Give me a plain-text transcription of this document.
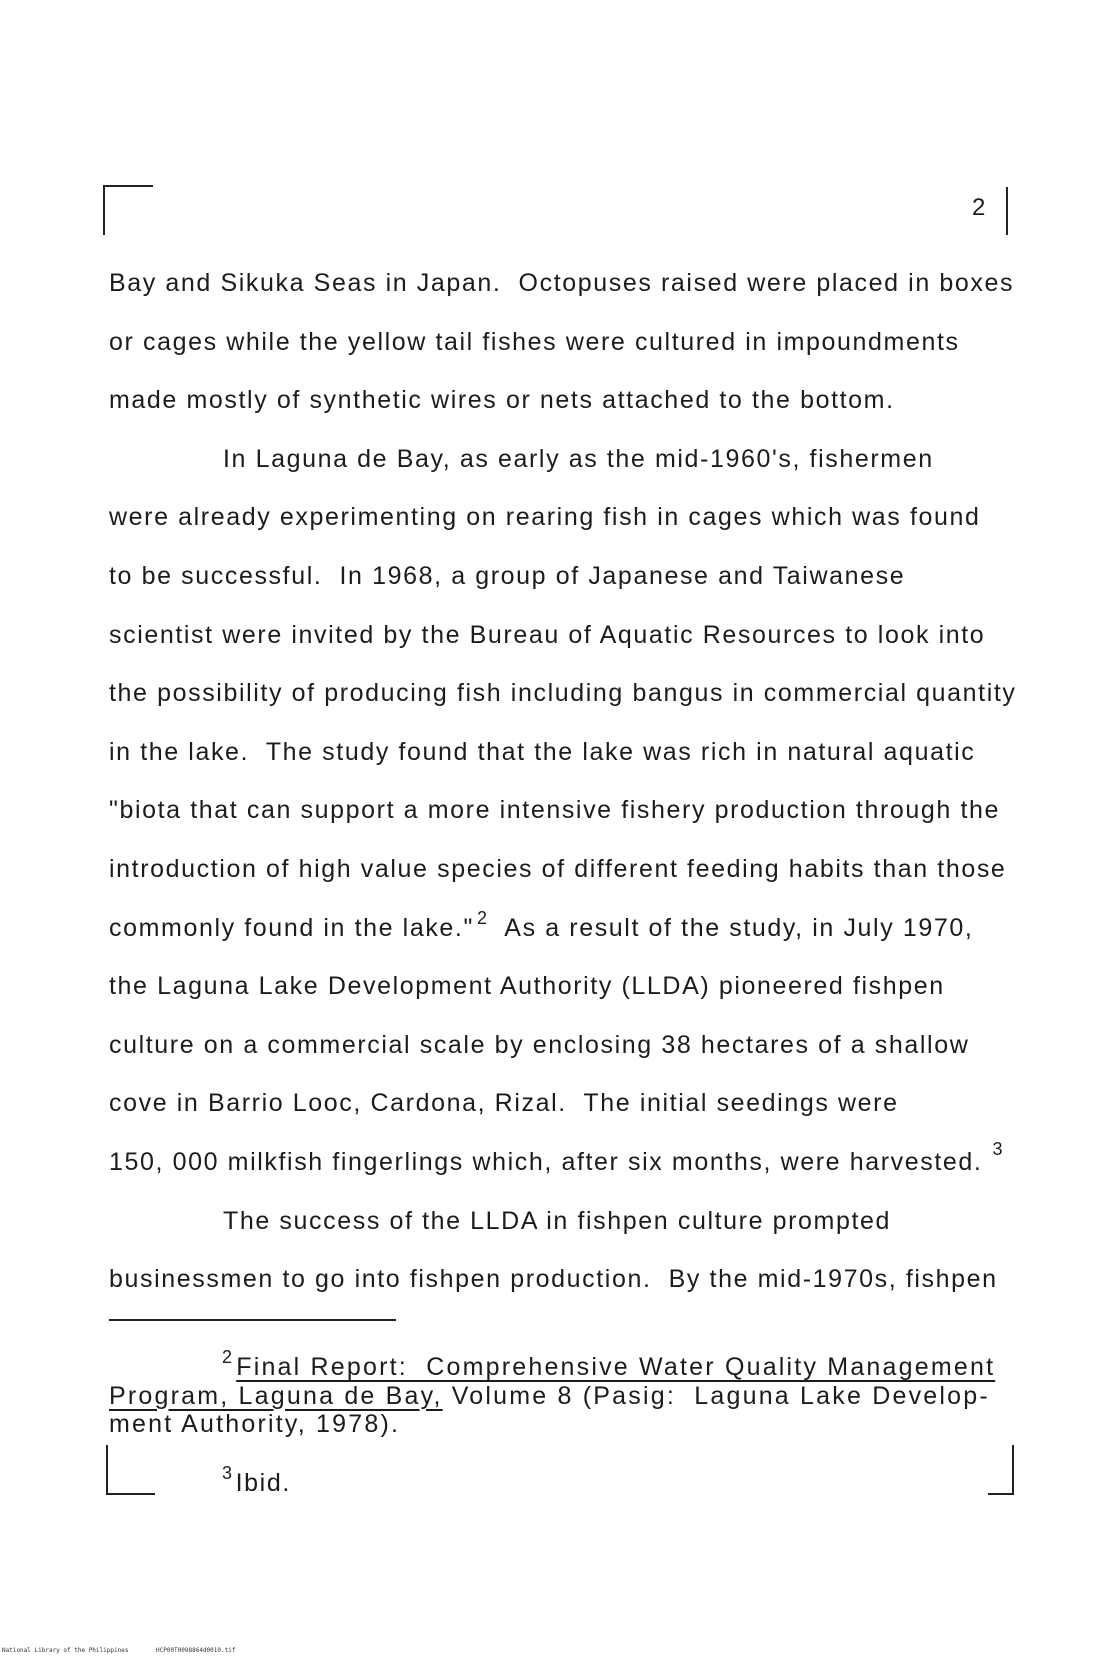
2
Bay and Sikuka Seas in Japan.  Octopuses raised were placed in boxes
or cages while the yellow tail fishes were cultured in impoundments
made mostly of synthetic wires or nets attached to the bottom.
In Laguna de Bay, as early as the mid-1960's, fishermen
were already experimenting on rearing fish in cages which was found
to be successful.  In 1968, a group of Japanese and Taiwanese
scientist were invited by the Bureau of Aquatic Resources to look into
the possibility of producing fish including bangus in commercial quantity
in the lake.  The study found that the lake was rich in natural aquatic
"biota that can support a more intensive fishery production through the
introduction of high value species of different feeding habits than those
commonly found in the lake." $^2$  As a result of the study, in July 1970,
the Laguna Lake Development Authority (LLDA) pioneered fishpen
culture on a commercial scale by enclosing 38 hectares of a shallow
cove in Barrio Looc, Cardona, Rizal.  The initial seedings were
150, 000 milkfish fingerlings which, after six months, were harvested. $^3$
The success of the LLDA in fishpen culture prompted
businessmen to go into fishpen production.  By the mid-1970s, fishpen
$^2$Final Report:  Comprehensive Water Quality Management
Program, Laguna de Bay, Volume 8 (Pasig:  Laguna Lake Develop-
ment Authority, 1978).
$^3$Ibid.
National Library of the Philippines	HCP00T0098864d0010.tif
